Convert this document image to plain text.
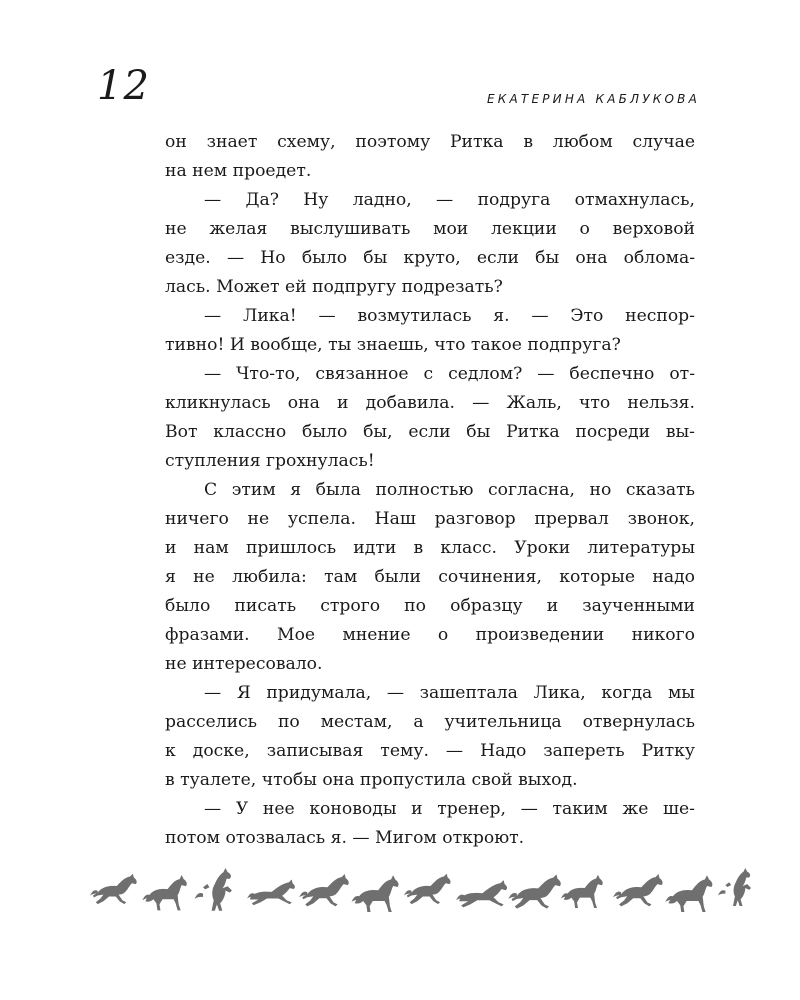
12	ЕКАТЕРИНА КАБЛУКОВА

он знает схему, поэтому Ритка в любом случае

на нем проедет.

— Да? Ну ладно, — подруга отмахнулась,

не желая выслушивать мои лекции о верховой

езде. — Но было бы круто, если бы она облома-

лась. Может ей подпругу подрезать?

— Лика! — возмутилась я. — Это неспор-

тивно! И вообще, ты знаешь, что такое подпруга?

— Что-то, связанное с седлом? — беспечно от-

кликнулась она и добавила. — Жаль, что нельзя.

Вот классно было бы, если бы Ритка посреди вы-

ступления грохнулась!

С этим я была полностью согласна, но сказать

ничего не успела. Наш разговор прервал звонок,

и нам пришлось идти в класс. Уроки литературы

я не любила: там были сочинения, которые надо

было писать строго по образцу и заученными

фразами. Мое мнение о произведении никого

не интересовало.

— Я придумала, — зашептала Лика, когда мы

расселись по местам, а учительница отвернулась

к доске, записывая тему. — Надо запереть Ритку

в туалете, чтобы она пропустила свой выход.

— У нее коноводы и тренер, — таким же ше-

потом отозвалась я. — Мигом откроют.
